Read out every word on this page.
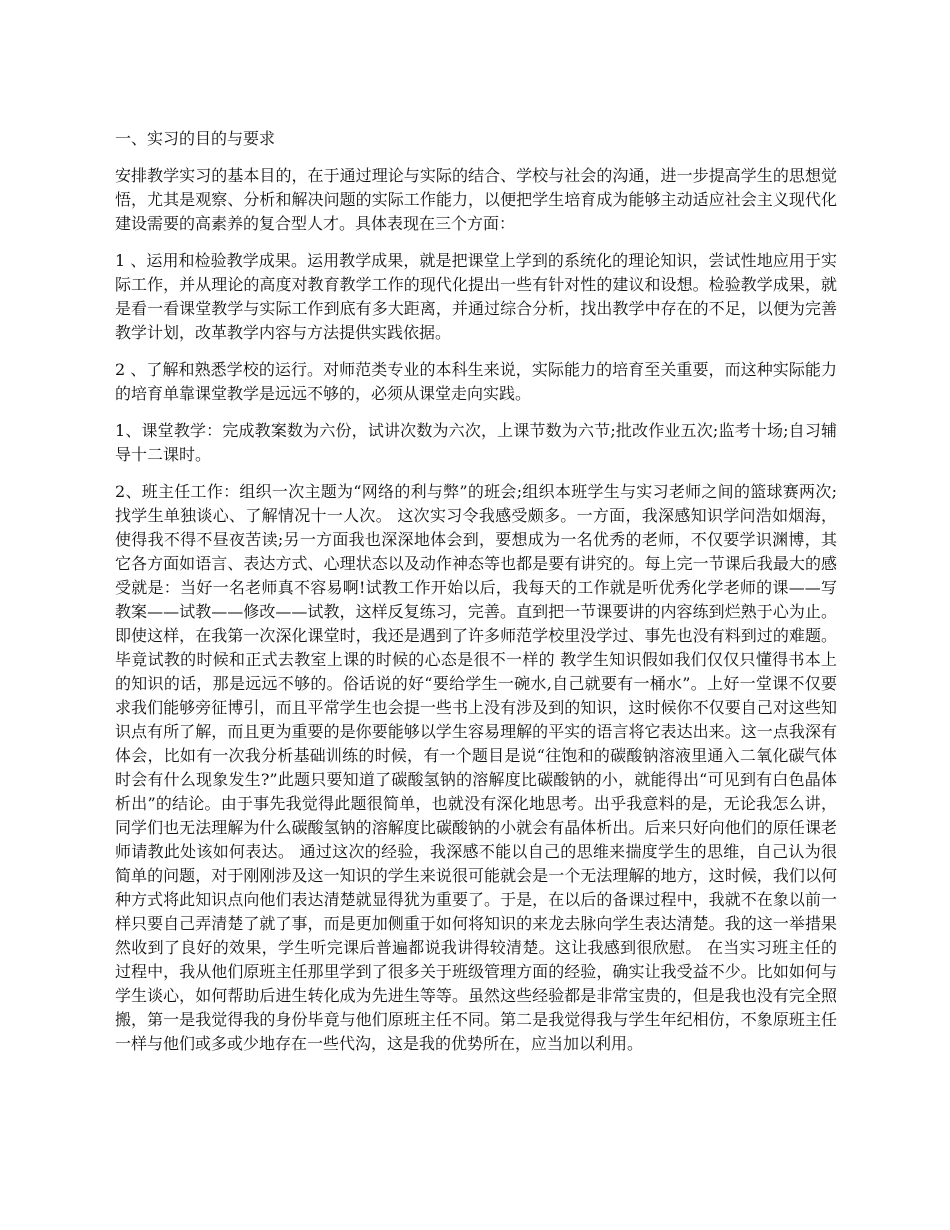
一、实习的目的与要求

安排教学实习的基本目的，在于通过理论与实际的结合、学校与社会的沟通，进一步提高学生的思想觉悟，尤其是观察、分析和解决问题的实际工作能力，以便把学生培育成为能够主动适应社会主义现代化建设需要的高素养的复合型人才。具体表现在三个方面：

1 、运用和检验教学成果。运用教学成果，就是把课堂上学到的系统化的理论知识，尝试性地应用于实际工作，并从理论的高度对教育教学工作的现代化提出一些有针对性的建议和设想。检验教学成果，就是看一看课堂教学与实际工作到底有多大距离，并通过综合分析，找出教学中存在的不足，以便为完善教学计划，改革教学内容与方法提供实践依据。

2 、了解和熟悉学校的运行。对师范类专业的本科生来说，实际能力的培育至关重要，而这种实际能力的培育单靠课堂教学是远远不够的，必须从课堂走向实践。

1、课堂教学：完成教案数为六份，试讲次数为六次，上课节数为六节;批改作业五次;监考十场;自习辅导十二课时。

2、班主任工作：组织一次主题为“网络的利与弊”的班会;组织本班学生与实习老师之间的篮球赛两次;找学生单独谈心、了解情况十一人次。 这次实习令我感受颇多。一方面，我深感知识学问浩如烟海，使得我不得不昼夜苦读;另一方面我也深深地体会到，要想成为一名优秀的老师，不仅要学识渊博，其它各方面如语言、表达方式、心理状态以及动作神态等也都是要有讲究的。每上完一节课后我最大的感受就是：当好一名老师真不容易啊!试教工作开始以后，我每天的工作就是听优秀化学老师的课——写教案——试教——修改——试教，这样反复练习，完善。直到把一节课要讲的内容练到烂熟于心为止。即使这样，在我第一次深化课堂时，我还是遇到了许多师范学校里没学过、事先也没有料到过的难题。毕竟试教的时候和正式去教室上课的时候的心态是很不一样的 教学生知识假如我们仅仅只懂得书本上的知识的话，那是远远不够的。俗话说的好“要给学生一碗水,自己就要有一桶水”。上好一堂课不仅要求我们能够旁征博引，而且平常学生也会提一些书上没有涉及到的知识，这时候你不仅要自己对这些知识点有所了解，而且更为重要的是你要能够以学生容易理解的平实的语言将它表达出来。这一点我深有体会，比如有一次我分析基础训练的时候，有一个题目是说“往饱和的碳酸钠溶液里通入二氧化碳气体时会有什么现象发生?”此题只要知道了碳酸氢钠的溶解度比碳酸钠的小，就能得出“可见到有白色晶体析出”的结论。由于事先我觉得此题很简单，也就没有深化地思考。出乎我意料的是，无论我怎么讲，同学们也无法理解为什么碳酸氢钠的溶解度比碳酸钠的小就会有晶体析出。后来只好向他们的原任课老师请教此处该如何表达。 通过这次的经验，我深感不能以自己的思维来揣度学生的思维，自己认为很简单的问题，对于刚刚涉及这一知识的学生来说很可能就会是一个无法理解的地方，这时候，我们以何种方式将此知识点向他们表达清楚就显得犹为重要了。于是，在以后的备课过程中，我就不在象以前一样只要自己弄清楚了就了事，而是更加侧重于如何将知识的来龙去脉向学生表达清楚。我的这一举措果然收到了良好的效果，学生听完课后普遍都说我讲得较清楚。这让我感到很欣慰。 在当实习班主任的过程中，我从他们原班主任那里学到了很多关于班级管理方面的经验，确实让我受益不少。比如如何与学生谈心，如何帮助后进生转化成为先进生等等。虽然这些经验都是非常宝贵的，但是我也没有完全照搬，第一是我觉得我的身份毕竟与他们原班主任不同。第二是我觉得我与学生年纪相仿，不象原班主任一样与他们或多或少地存在一些代沟，这是我的优势所在，应当加以利用。
